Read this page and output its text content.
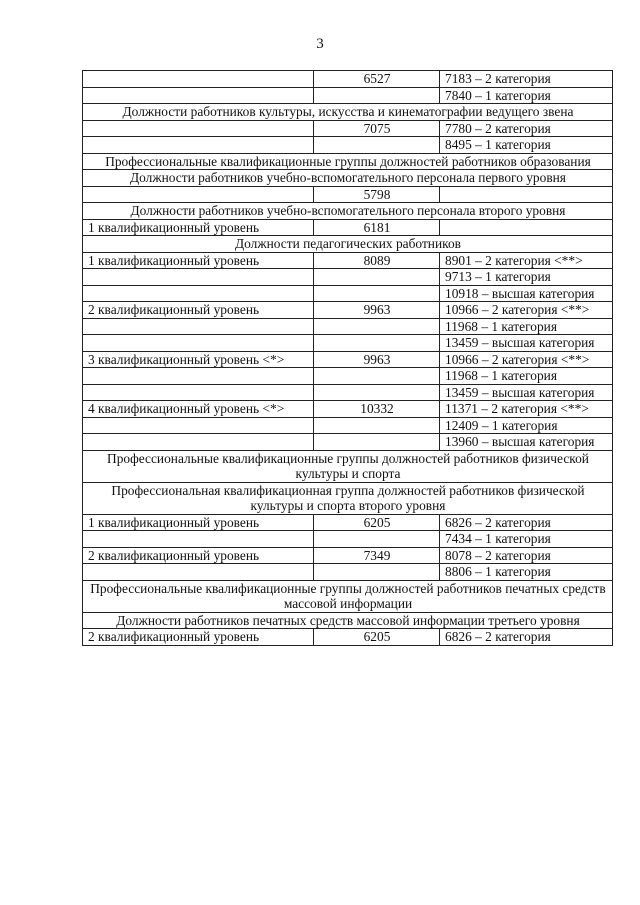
3
	6527	7183 – 2 категория
		7840 – 1 категория
Должности работников культуры, искусства и кинематографии ведущего звена		
	7075	7780 – 2 категория
		8495 – 1 категория
Профессиональные квалификационные группы должностей работников образования		
Должности работников учебно-вспомогательного персонала первого уровня		
	5798	
Должности работников учебно-вспомогательного персонала второго уровня		
1 квалификационный уровень	6181	
Должности педагогических работников		
1 квалификационный уровень	8089	8901 – 2 категория <**>
		9713 – 1 категория
		10918 – высшая категория
2 квалификационный уровень	9963	10966 – 2 категория <**>
		11968 – 1 категория
		13459 – высшая категория
3 квалификационный уровень <*>	9963	10966 – 2 категория <**>
		11968 – 1 категория
		13459 – высшая категория
4 квалификационный уровень <*>	10332	11371 – 2 категория <**>
		12409 – 1 категория
		13960 – высшая категория
Профессиональные квалификационные группы должностей работников физической культуры и спорта		
Профессиональная квалификационная группа должностей работников физической культуры и спорта второго уровня		
1 квалификационный уровень	6205	6826 – 2 категория
		7434 – 1 категория
2 квалификационный уровень	7349	8078 – 2 категория
		8806 – 1 категория
Профессиональные квалификационные группы должностей работников печатных средств массовой информации		
Должности работников печатных средств массовой информации третьего уровня		
2 квалификационный уровень	6205	6826 – 2 категория
